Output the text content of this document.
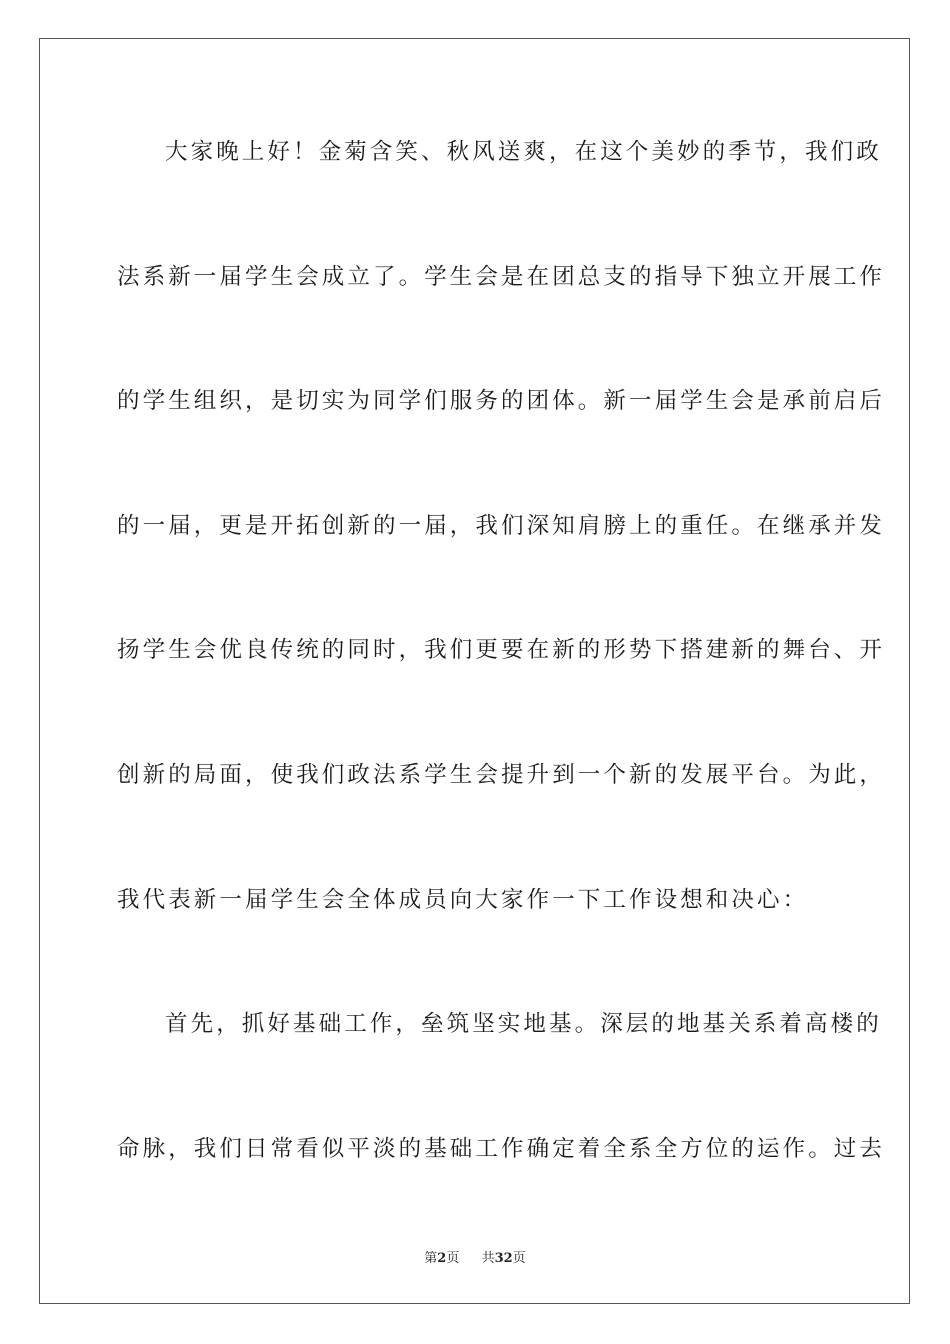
大家晚上好！金菊含笑、秋风送爽，在这个美妙的季节，我们政
法系新一届学生会成立了。学生会是在团总支的指导下独立开展工作
的学生组织，是切实为同学们服务的团体。新一届学生会是承前启后
的一届，更是开拓创新的一届，我们深知肩膀上的重任。在继承并发
扬学生会优良传统的同时，我们更要在新的形势下搭建新的舞台、开
创新的局面，使我们政法系学生会提升到一个新的发展平台。为此，
我代表新一届学生会全体成员向大家作一下工作设想和决心：
首先，抓好基础工作，垒筑坚实地基。深层的地基关系着高楼的
命脉，我们日常看似平淡的基础工作确定着全系全方位的运作。过去
第2页 共32页
